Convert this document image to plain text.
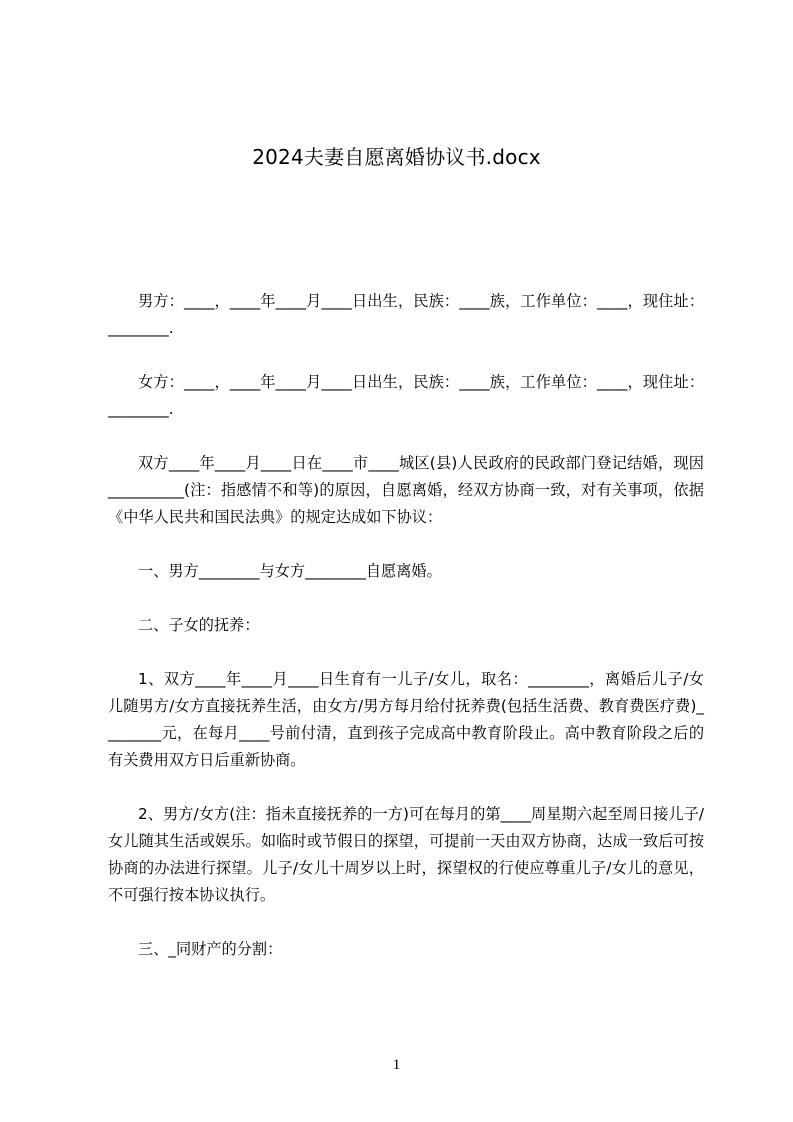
2024夫妻自愿离婚协议书.docx

男方：____，____年____月____日出生，民族：____族，工作单位：____，现住址：________.

女方：____，____年____月____日出生，民族：____族，工作单位：____，现住址：________.

双方____年____月____日在____市____城区(县)人民政府的民政部门登记结婚，现因__________(注：指感情不和等)的原因，自愿离婚，经双方协商一致，对有关事项，依据《中华人民共和国民法典》的规定达成如下协议：

一、男方________与女方________自愿离婚。

二、子女的抚养：

1、双方____年____月____日生育有一儿子/女儿，取名：________，离婚后儿子/女儿随男方/女方直接抚养生活，由女方/男方每月给付抚养费(包括生活费、教育费医疗费)________元，在每月____号前付清，直到孩子完成高中教育阶段止。高中教育阶段之后的有关费用双方日后重新协商。

2、男方/女方(注：指未直接抚养的一方)可在每月的第____周星期六起至周日接儿子/女儿随其生活或娱乐。如临时或节假日的探望，可提前一天由双方协商，达成一致后可按协商的办法进行探望。儿子/女儿十周岁以上时，探望权的行使应尊重儿子/女儿的意见，不可强行按本协议执行。

三、_同财产的分割：

1
